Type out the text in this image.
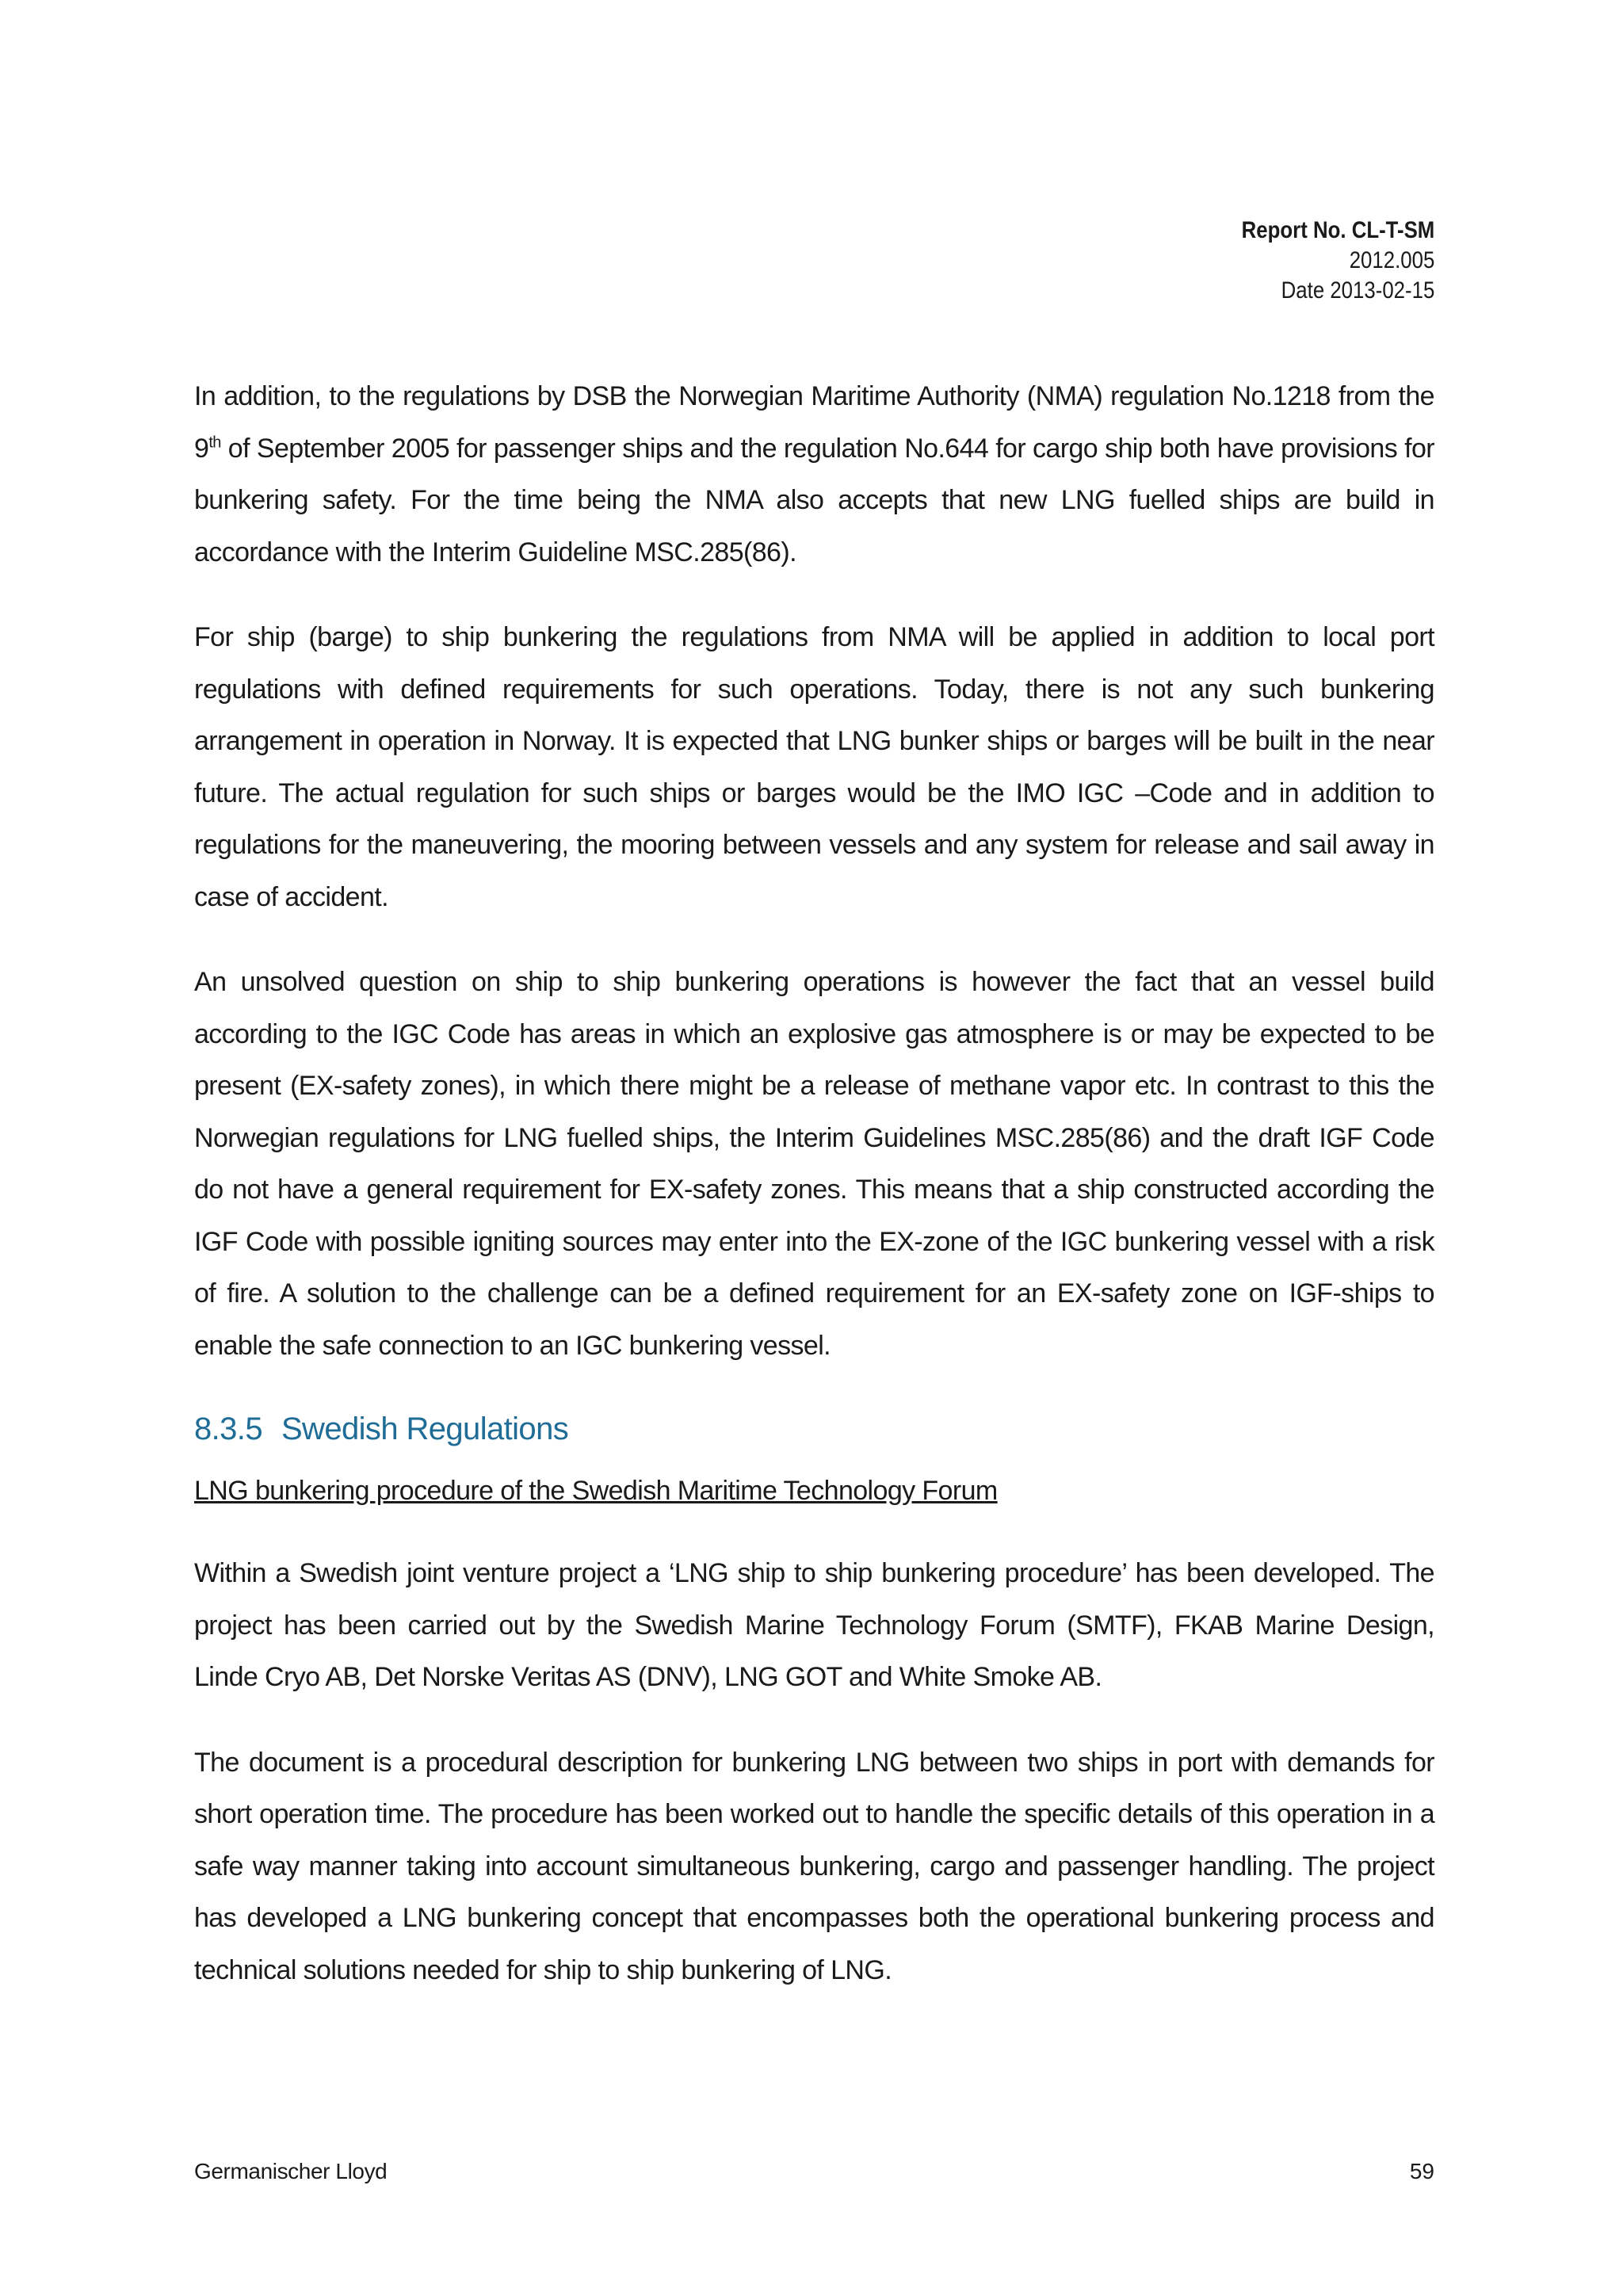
Report No. CL-T-SM
2012.005
Date 2013-02-15

In addition, to the regulations by DSB the Norwegian Maritime Authority (NMA) regulation No.1218 from the 9th of September 2005 for passenger ships and the regulation No.644 for cargo ship both have provisions for bunkering safety. For the time being the NMA also accepts that new LNG fuelled ships are build in accordance with the Interim Guideline MSC.285(86).

For ship (barge) to ship bunkering the regulations from NMA will be applied in addition to local port regulations with defined requirements for such operations. Today, there is not any such bunkering arrangement in operation in Norway. It is expected that LNG bunker ships or barges will be built in the near future. The actual regulation for such ships or barges would be the IMO IGC –Code and in addition to regulations for the maneuvering, the mooring between vessels and any system for release and sail away in case of accident.

An unsolved question on ship to ship bunkering operations is however the fact that an vessel build according to the IGC Code has areas in which an explosive gas atmosphere is or may be expected to be present (EX-safety zones), in which there might be a release of methane vapor etc. In contrast to this the Norwegian regulations for LNG fuelled ships, the Interim Guidelines MSC.285(86) and the draft IGF Code do not have a general requirement for EX-safety zones. This means that a ship constructed according the IGF Code with possible igniting sources may enter into the EX-zone of the IGC bunkering vessel with a risk of fire. A solution to the challenge can be a defined requirement for an EX-safety zone on IGF-ships to enable the safe connection to an IGC bunkering vessel.

8.3.5 Swedish Regulations
LNG bunkering procedure of the Swedish Maritime Technology Forum

Within a Swedish joint venture project a ‘LNG ship to ship bunkering procedure’ has been developed. The project has been carried out by the Swedish Marine Technology Forum (SMTF), FKAB Marine Design, Linde Cryo AB, Det Norske Veritas AS (DNV), LNG GOT and White Smoke AB.

The document is a procedural description for bunkering LNG between two ships in port with demands for short operation time. The procedure has been worked out to handle the specific details of this operation in a safe way manner taking into account simultaneous bunkering, cargo and passenger handling. The project has developed a LNG bunkering concept that encompasses both the operational bunkering process and technical solutions needed for ship to ship bunkering of LNG.

Germanischer Lloyd	59
